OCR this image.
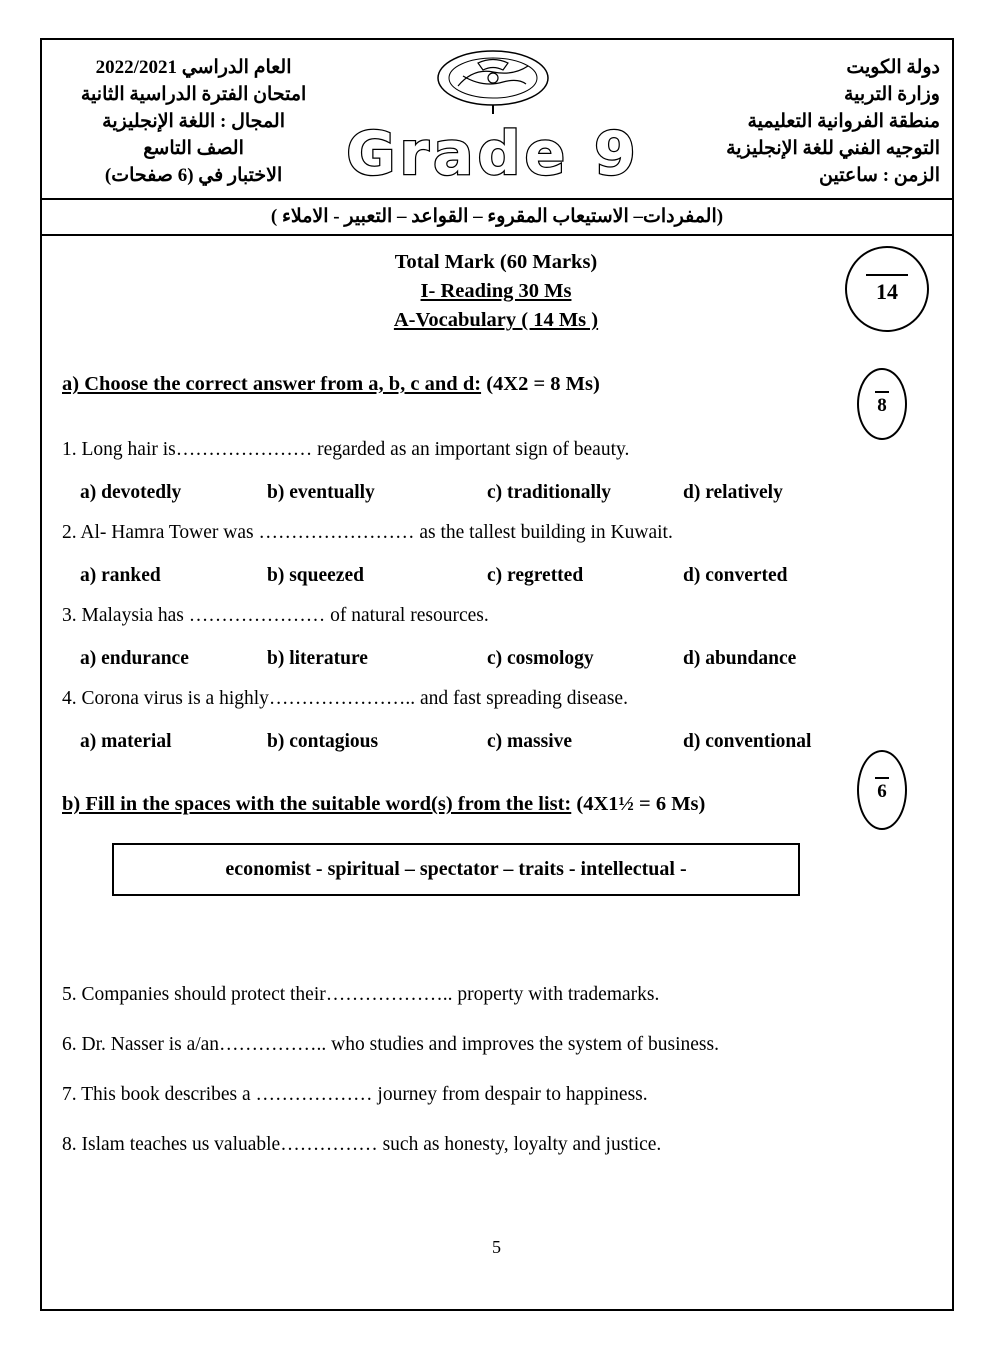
العام الدراسي 2022/2021
امتحان الفترة الدراسية الثانية
المجال : اللغة الإنجليزية
الصف التاسع
الاختبار في (6 صفحات)	Grade 9
دولة الكويت
وزارة التربية
منطقة الفروانية التعليمية
التوجيه الفني للغة الإنجليزية
الزمن : ساعتين
(المفردات– الاستيعاب المقروء – القواعد – التعبير - الاملاء )
Total Mark (60 Marks)
I- Reading 30 Ms
A-Vocabulary ( 14 Ms )
a) Choose the correct answer from a, b, c and d: (4X2 = 8 Ms)
1. Long hair is………………… regarded as an important sign of beauty.
a) devotedly	b) eventually	c) traditionally	d) relatively
2. Al- Hamra Tower was …………………… as the tallest building in Kuwait.
a) ranked	b) squeezed	c) regretted	d) converted
3. Malaysia has ………………… of natural resources.
a) endurance	b) literature	c) cosmology	d) abundance
4. Corona virus is a highly………………….. and fast spreading disease.
a) material	b) contagious	c) massive	d) conventional
b) Fill in the spaces with the suitable word(s) from the list: (4X1½ = 6 Ms)
economist - spiritual – spectator – traits - intellectual -
5. Companies should protect their……………….. property with trademarks.
6. Dr. Nasser is a/an…………….. who studies and improves the system of business.
7. This book describes a ……………… journey from despair to happiness.
8. Islam teaches us valuable…………… such as honesty, loyalty and justice.
14
8
6
5
